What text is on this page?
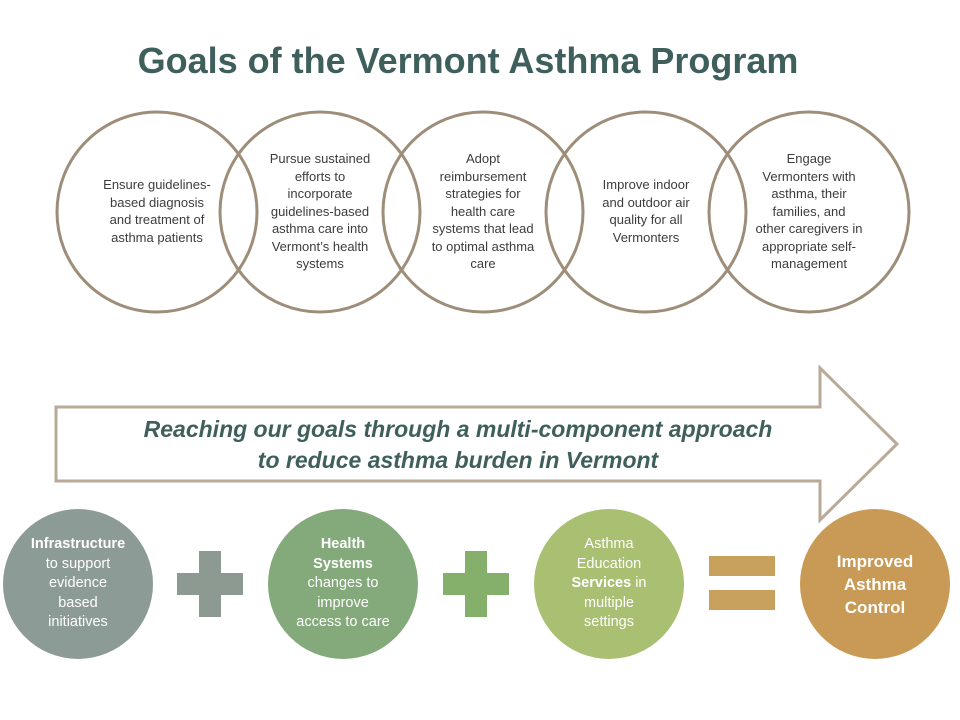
Goals of the Vermont Asthma Program
Ensure guidelines-
based diagnosis
and treatment of
asthma patients
Pursue sustained
efforts to
incorporate
guidelines-based
asthma care into
Vermont’s health
systems
Adopt
reimbursement
strategies for
health care
systems that lead
to optimal asthma
care
Improve indoor
and outdoor air
quality for all
Vermonters
Engage
Vermonters with
asthma, their
families, and
other caregivers in
appropriate self-
management
Reaching our goals through a multi-component approach
to reduce asthma burden in Vermont
Infrastructure
to support
evidence
based
initiatives
Health
Systems
changes to
improve
access to care
Asthma
Education
Services in
multiple
settings
Improved
Asthma
Control
